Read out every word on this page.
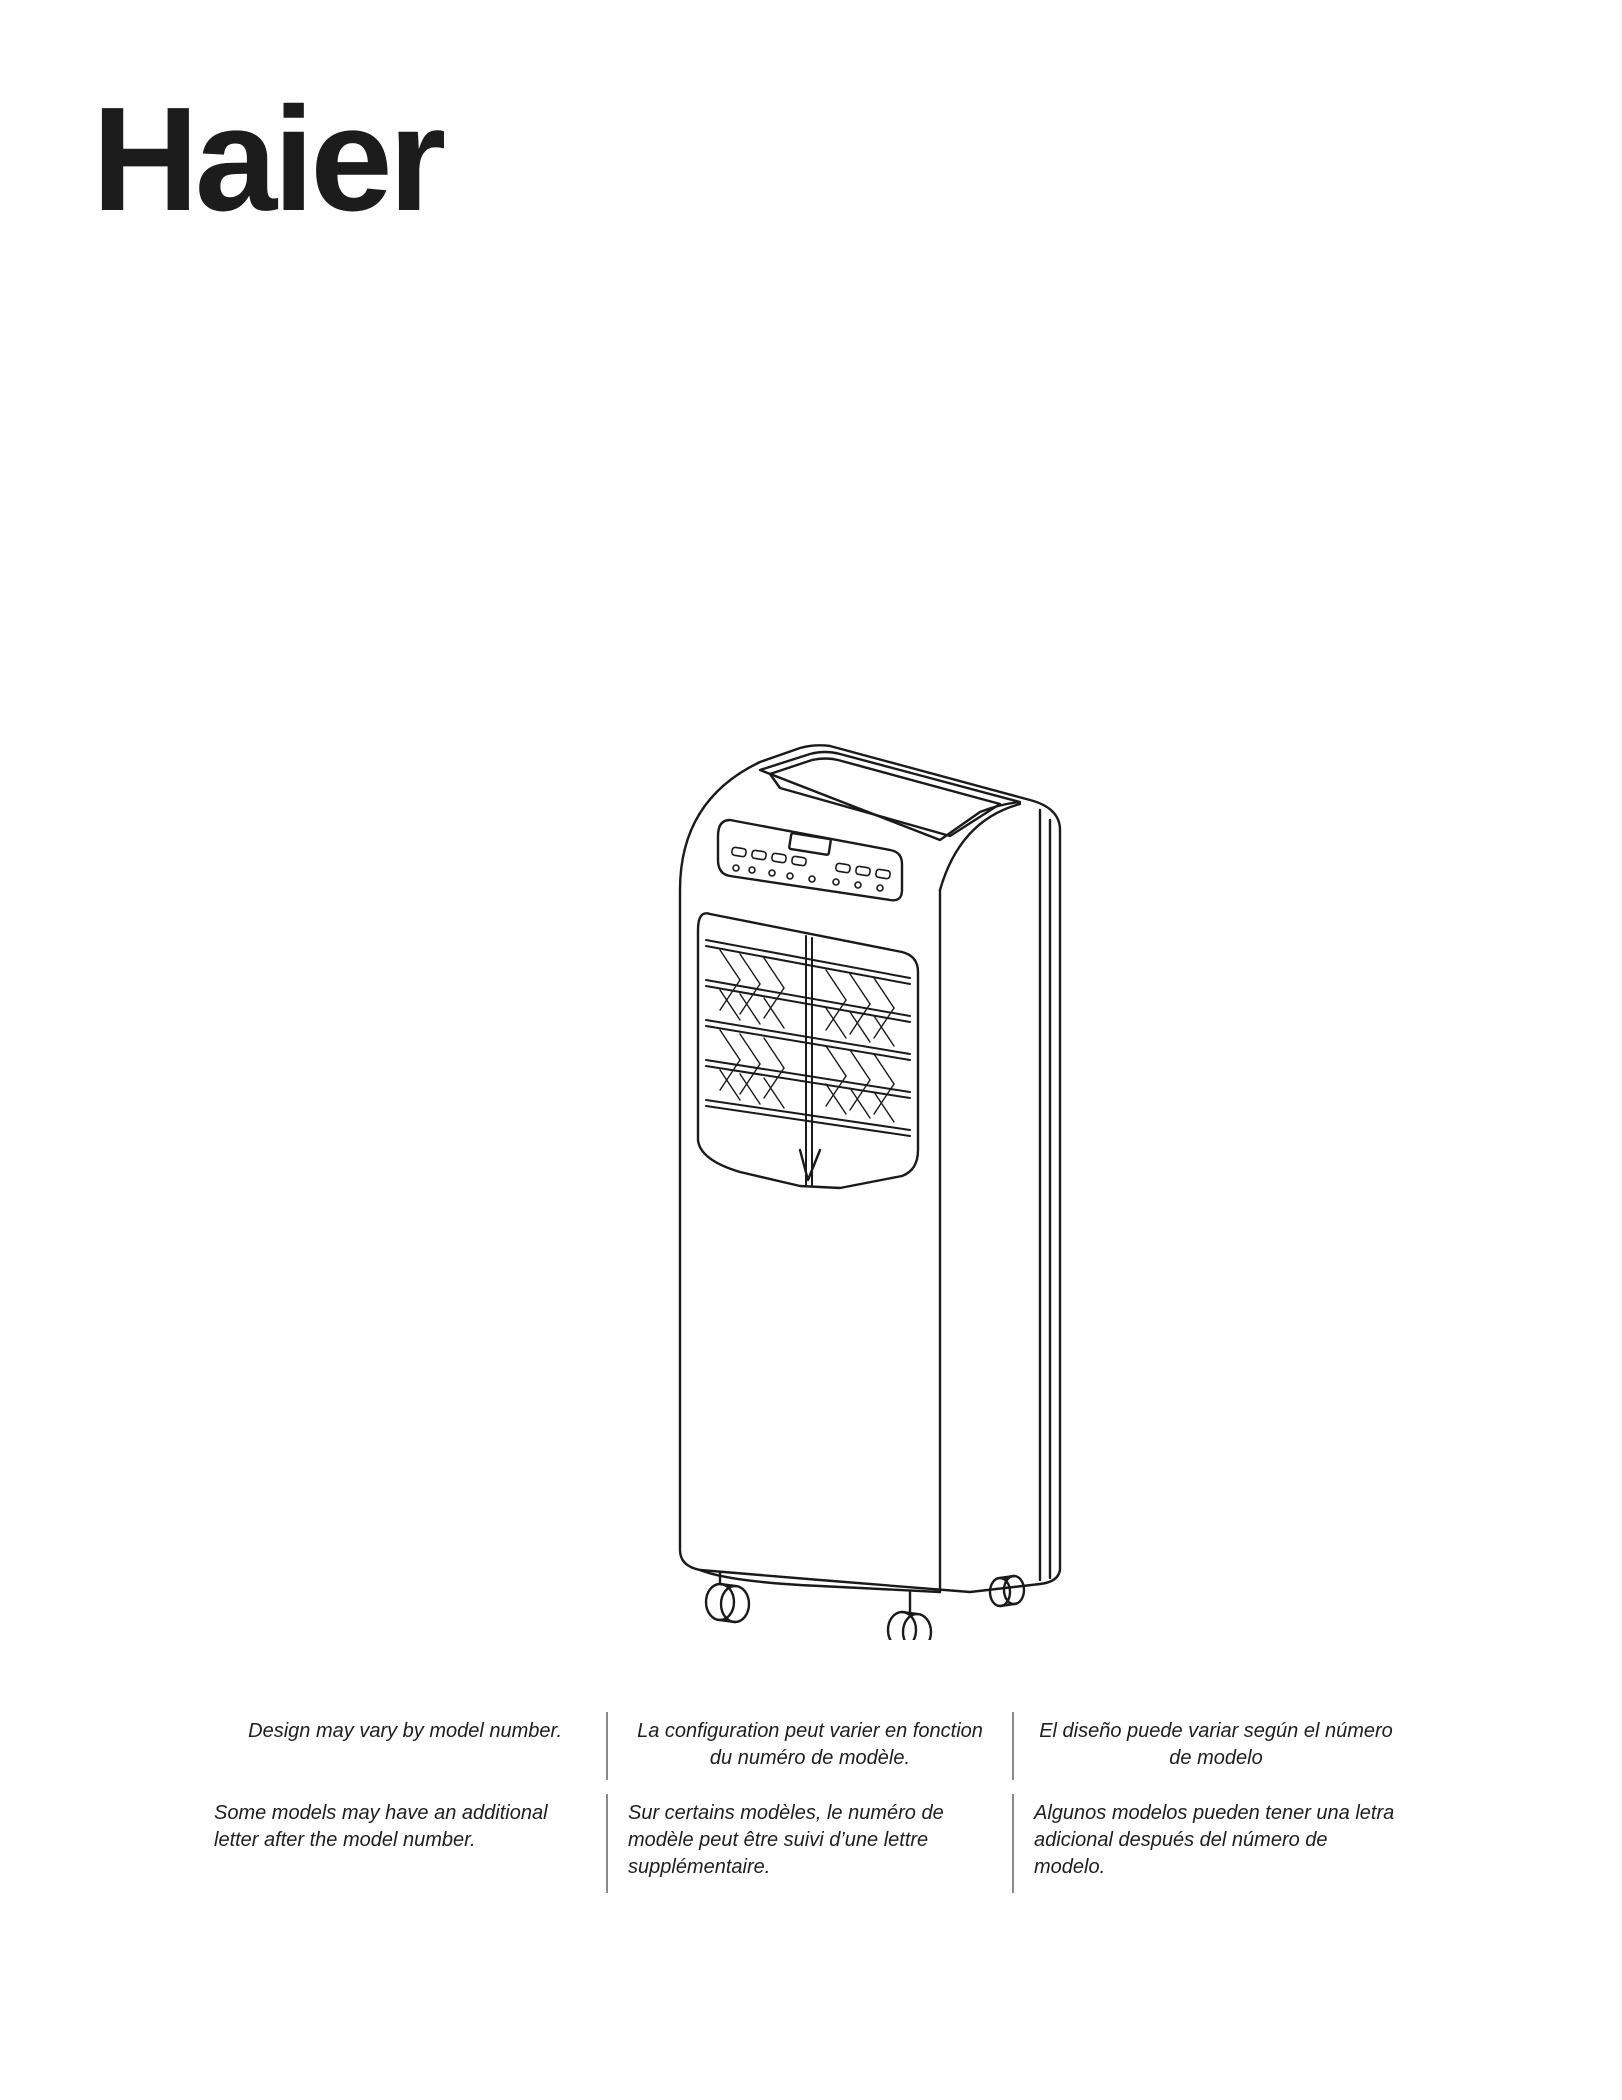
Haier
Design may vary by model number.	La configuration peut varier en fonction du numéro de modèle.
El diseño puede variar según el número de modelo
Some models may have an additional letter after the model number.
Sur certains modèles, le numéro de modèle peut être suivi d’une lettre supplémentaire.
Algunos modelos pueden tener una letra adicional después del número de modelo.
